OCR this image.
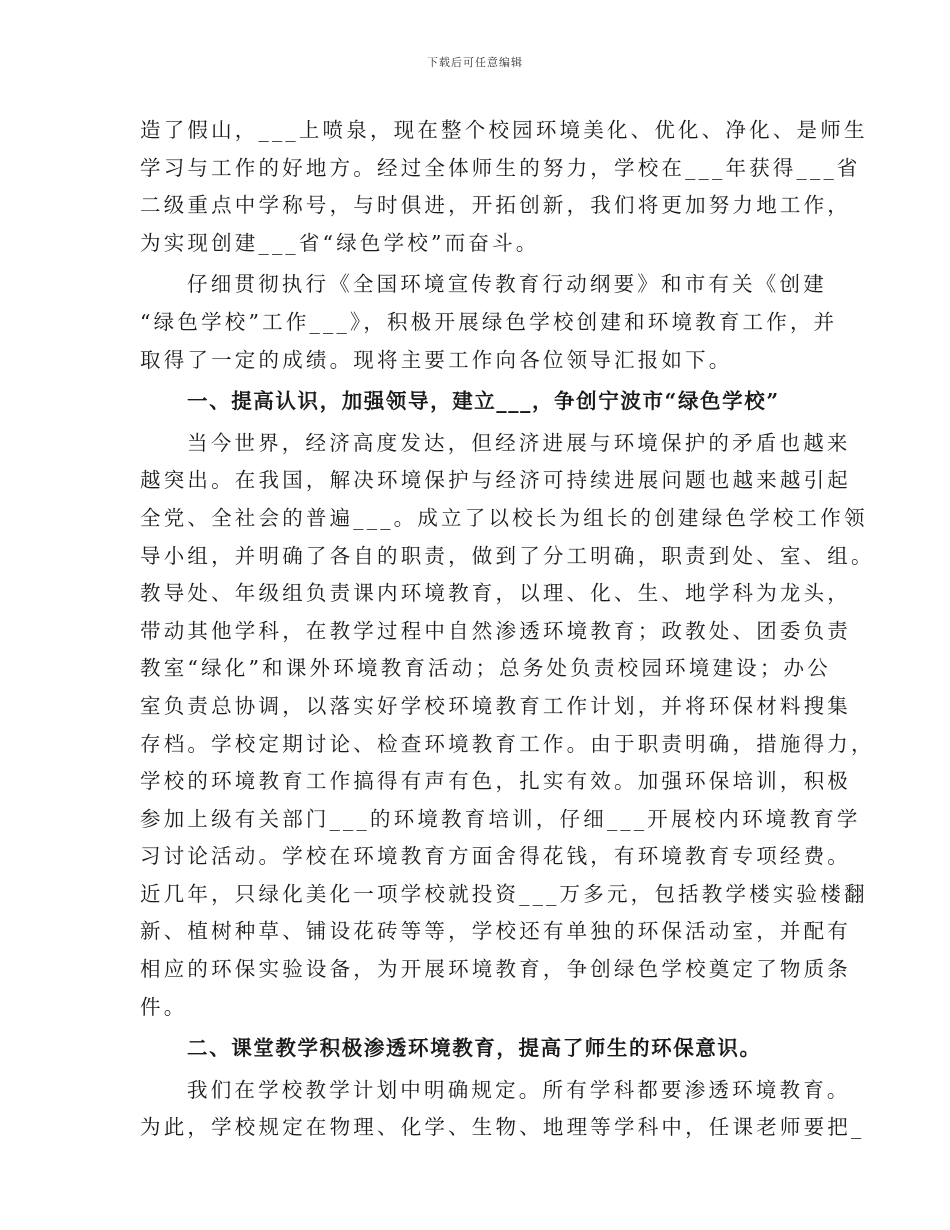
下载后可任意编辑
造了假山，___上喷泉，现在整个校园环境美化、优化、净化、是师生
学习与工作的好地方。经过全体师生的努力，学校在___年获得___省
二级重点中学称号，与时俱进，开拓创新，我们将更加努力地工作，
为实现创建___省“绿色学校”而奋斗。
仔细贯彻执行《全国环境宣传教育行动纲要》和市有关《创建
“绿色学校”工作___》，积极开展绿色学校创建和环境教育工作，并
取得了一定的成绩。现将主要工作向各位领导汇报如下。
一、提高认识，加强领导，建立___，争创宁波市“绿色学校”
当今世界，经济高度发达，但经济进展与环境保护的矛盾也越来
越突出。在我国，解决环境保护与经济可持续进展问题也越来越引起
全党、全社会的普遍___。成立了以校长为组长的创建绿色学校工作领
导小组，并明确了各自的职责，做到了分工明确，职责到处、室、组。
教导处、年级组负责课内环境教育，以理、化、生、地学科为龙头，
带动其他学科，在教学过程中自然渗透环境教育；政教处、团委负责
教室“绿化”和课外环境教育活动；总务处负责校园环境建设；办公
室负责总协调，以落实好学校环境教育工作计划，并将环保材料搜集
存档。学校定期讨论、检查环境教育工作。由于职责明确，措施得力，
学校的环境教育工作搞得有声有色，扎实有效。加强环保培训，积极
参加上级有关部门___的环境教育培训，仔细___开展校内环境教育学
习讨论活动。学校在环境教育方面舍得花钱，有环境教育专项经费。
近几年，只绿化美化一项学校就投资___万多元，包括教学楼实验楼翻
新、植树种草、铺设花砖等等，学校还有单独的环保活动室，并配有
相应的环保实验设备，为开展环境教育，争创绿色学校奠定了物质条
件。
二、课堂教学积极渗透环境教育，提高了师生的环保意识。
我们在学校教学计划中明确规定。所有学科都要渗透环境教育。
为此，学校规定在物理、化学、生物、地理等学科中，任课老师要把_
